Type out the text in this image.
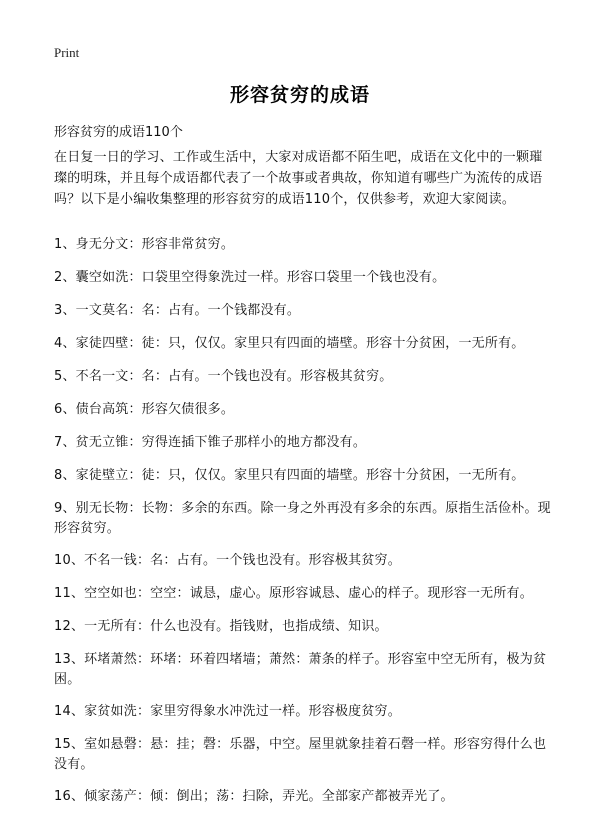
Print
形容贫穷的成语
形容贫穷的成语110个
在日复一日的学习、工作或生活中，大家对成语都不陌生吧，成语在文化中的一颗璀璨的明珠，并且每个成语都代表了一个故事或者典故，你知道有哪些广为流传的成语吗？以下是小编收集整理的形容贫穷的成语110个，仅供参考，欢迎大家阅读。
1、身无分文：形容非常贫穷。
2、囊空如洗：口袋里空得象洗过一样。形容口袋里一个钱也没有。
3、一文莫名：名：占有。一个钱都没有。
4、家徒四壁：徒：只，仅仅。家里只有四面的墙壁。形容十分贫困，一无所有。
5、不名一文：名：占有。一个钱也没有。形容极其贫穷。
6、债台高筑：形容欠债很多。
7、贫无立锥：穷得连插下锥子那样小的地方都没有。
8、家徒壁立：徒：只，仅仅。家里只有四面的墙壁。形容十分贫困，一无所有。
9、别无长物：长物：多余的东西。除一身之外再没有多余的东西。原指生活俭朴。现形容贫穷。
10、不名一钱：名：占有。一个钱也没有。形容极其贫穷。
11、空空如也：空空：诚恳，虚心。原形容诚恳、虚心的样子。现形容一无所有。
12、一无所有：什么也没有。指钱财，也指成绩、知识。
13、环堵萧然：环堵：环着四堵墙；萧然：萧条的样子。形容室中空无所有，极为贫困。
14、家贫如洗：家里穷得象水冲洗过一样。形容极度贫穷。
15、室如悬磬：悬：挂；磬：乐器，中空。屋里就象挂着石磬一样。形容穷得什么也没有。
16、倾家荡产：倾：倒出；荡：扫除，弄光。全部家产都被弄光了。
